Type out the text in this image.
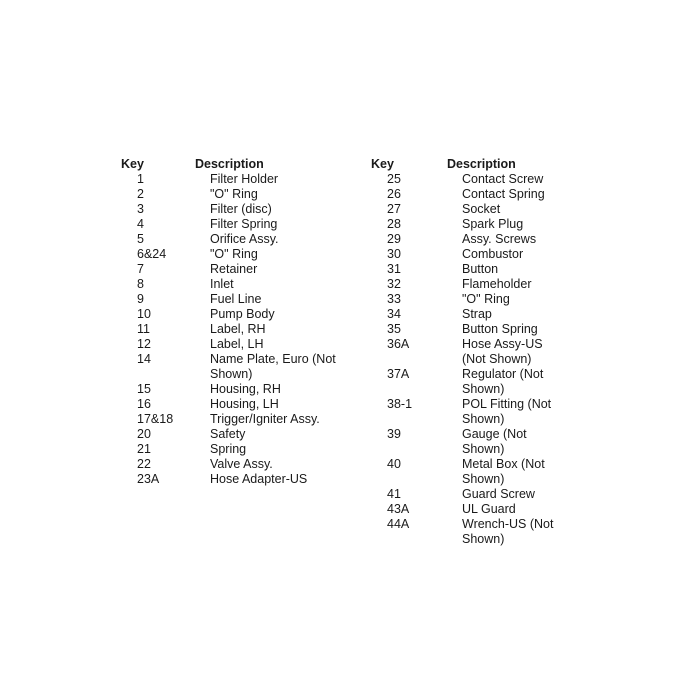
Key	Description
1	Filter Holder
2	"O" Ring
3	Filter (disc)
4	Filter Spring
5	Orifice Assy.
6&24	"O" Ring
7	Retainer
8	Inlet
9	Fuel Line
10	Pump Body
11	Label, RH
12	Label, LH
14	Name Plate, Euro (Not Shown)
15	Housing, RH
16	Housing, LH
17&18	Trigger/Igniter Assy.
20	Safety
21	Spring
22	Valve Assy.
23A	Hose Adapter-US
Key	Description
25	Contact Screw
26	Contact Spring
27	Socket
28	Spark Plug
29	Assy. Screws
30	Combustor
31	Button
32	Flameholder
33	"O" Ring
34	Strap
35	Button Spring
36A	Hose Assy-US (Not Shown)
37A	Regulator (Not Shown)
38-1	POL Fitting (Not Shown)
39	Gauge (Not Shown)
40	Metal Box (Not Shown)
41	Guard Screw
43A	UL Guard
44A	Wrench-US (Not Shown)
